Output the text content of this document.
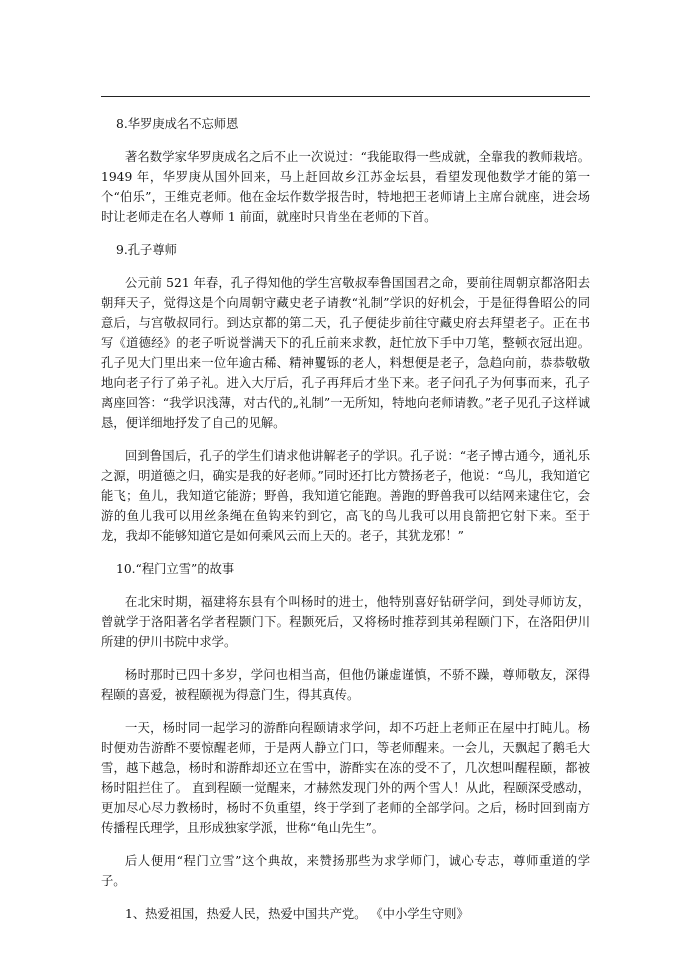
8.华罗庚成名不忘师恩

著名数学家华罗庚成名之后不止一次说过：“我能取得一些成就，全靠我的教师栽培。1949 年，华罗庚从国外回来，马上赶回故乡江苏金坛县，看望发现他数学才能的第一个“伯乐”，王维克老师。他在金坛作数学报告时，特地把王老师请上主席台就座，进会场时让老师走在名人尊师 1 前面，就座时只肯坐在老师的下首。

9.孔子尊师

公元前 521 年春，孔子得知他的学生宫敬叔奉鲁国国君之命，要前往周朝京都洛阳去朝拜天子，觉得这是个向周朝守藏史老子请教“礼制”学识的好机会，于是征得鲁昭公的同意后，与宫敬叔同行。到达京都的第二天，孔子便徒步前往守藏史府去拜望老子。正在书写《道德经》的老子听说誉满天下的孔丘前来求教，赶忙放下手中刀笔，整顿衣冠出迎。孔子见大门里出来一位年逾古稀、精神矍铄的老人，料想便是老子，急趋向前，恭恭敬敬地向老子行了弟子礼。进入大厅后，孔子再拜后才坐下来。老子问孔子为何事而来，孔子离座回答：“我学识浅薄，对古代的„礼制”一无所知，特地向老师请教。”老子见孔子这样诚恳，便详细地抒发了自己的见解。

回到鲁国后，孔子的学生们请求他讲解老子的学识。孔子说：“老子博古通今，通礼乐之源，明道德之归，确实是我的好老师。”同时还打比方赞扬老子，他说：“鸟儿，我知道它能飞；鱼儿，我知道它能游；野兽，我知道它能跑。善跑的野兽我可以结网来逮住它，会游的鱼儿我可以用丝条绳在鱼钩来钓到它，高飞的鸟儿我可以用良箭把它射下来。至于龙，我却不能够知道它是如何乘风云而上天的。老子，其犹龙邪！”

10.“程门立雪”的故事

在北宋时期，福建将东县有个叫杨时的进士，他特别喜好钻研学问，到处寻师访友，曾就学于洛阳著名学者程颢门下。程颢死后，又将杨时推荐到其弟程颐门下，在洛阳伊川所建的伊川书院中求学。

杨时那时已四十多岁，学问也相当高，但他仍谦虚谨慎，不骄不躁，尊师敬友，深得程颐的喜爱，被程颐视为得意门生，得其真传。

一天，杨时同一起学习的游酢向程颐请求学问，却不巧赶上老师正在屋中打盹儿。杨时便劝告游酢不要惊醒老师，于是两人静立门口，等老师醒来。一会儿，天飘起了鹅毛大雪，越下越急，杨时和游酢却还立在雪中，游酢实在冻的受不了，几次想叫醒程颐，都被杨时阻拦住了。 直到程颐一觉醒来，才赫然发现门外的两个雪人！从此，程颐深受感动，更加尽心尽力教杨时，杨时不负重望，终于学到了老师的全部学问。之后，杨时回到南方传播程氏理学，且形成独家学派，世称“龟山先生”。

后人便用“程门立雪”这个典故，来赞扬那些为求学师门，诚心专志，尊师重道的学子。

1、热爱祖国，热爱人民，热爱中国共产党。 《中小学生守则》
